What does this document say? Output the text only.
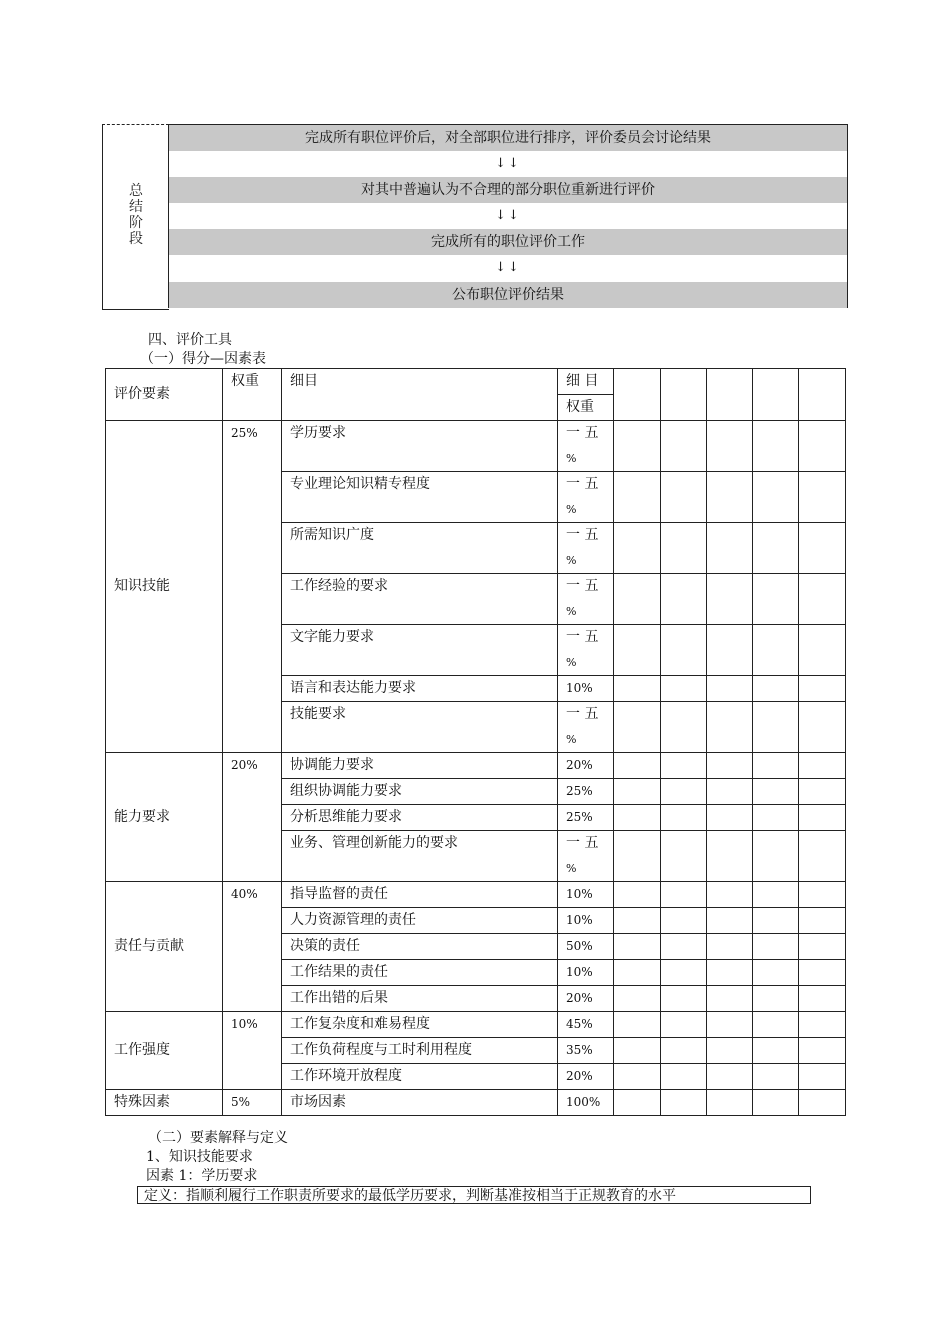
总
结
阶
段
完成所有职位评价后，对全部职位进行排序，评价委员会讨论结果
↓↓
对其中普遍认为不合理的部分职位重新进行评价
↓↓
完成所有的职位评价工作
↓↓
公布职位评价结果
四、评价工具
（一）得分—因素表
评价要素	权重	细目	细 目					
			权重					
知识技能	25%	学历要求	一 五					
			%					
		专业理论知识精专程度	一 五					
			%					
		所需知识广度	一 五					
			%					
		工作经验的要求	一 五					
			%					
		文字能力要求	一 五					
			%					
		语言和表达能力要求	10%					
		技能要求	一 五					
			%					
能力要求	20%	协调能力要求	20%					
		组织协调能力要求	25%					
		分析思维能力要求	25%					
		业务、管理创新能力的要求	一 五					
			%					
责任与贡献	40%	指导监督的责任	10%					
		人力资源管理的责任	10%					
		决策的责任	50%					
		工作结果的责任	10%					
		工作出错的后果	20%					
工作强度	10%	工作复杂度和难易程度	45%					
		工作负荷程度与工时利用程度	35%					
		工作环境开放程度	20%					
特殊因素	5%	市场因素	100%					
（二）要素解释与定义
1、知识技能要求
因素 1：学历要求
定义：指顺利履行工作职责所要求的最低学历要求，判断基准按相当于正规教育的水平
